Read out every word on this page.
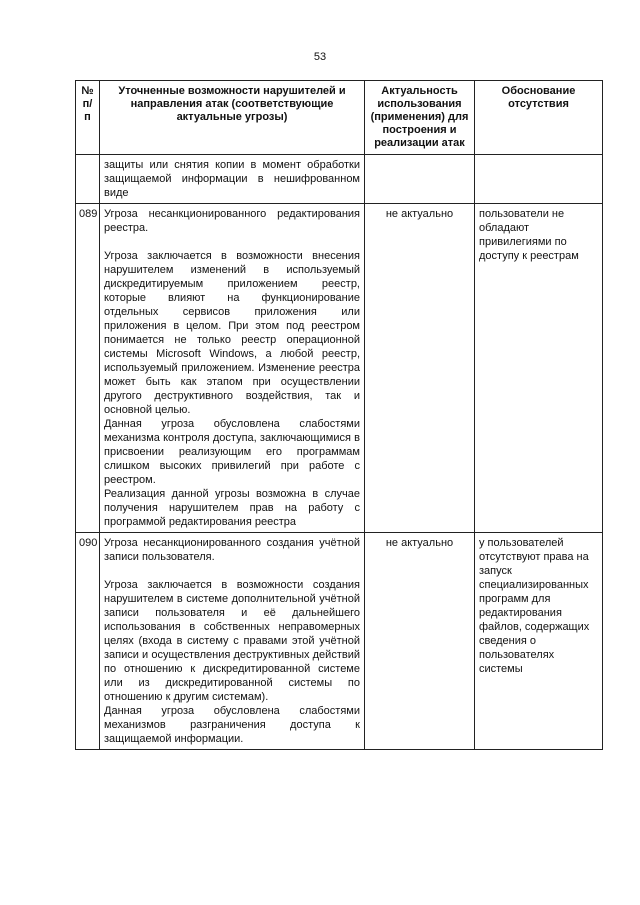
53
№ п/п	Уточненные возможности нарушителей и направления атак (соответствующие актуальные угрозы)	Актуальность использования (применения) для построения и реализации атак	Обоснование отсутствия
	защиты или снятия копии в момент обработки защищаемой информации в нешифрованном виде		
089	Угроза несанкционированного редактирования реестра.

Угроза заключается в возможности внесения нарушителем изменений в используемый дискредитируемым приложением реестр, которые влияют на функционирование отдельных сервисов приложения или приложения в целом. При этом под реестром понимается не только реестр операционной системы Microsoft Windows, а любой реестр, используемый приложением. Изменение реестра может быть как этапом при осуществлении другого деструктивного воздействия, так и основной целью.

Данная угроза обусловлена слабостями механизма контроля доступа, заключающимися в присвоении реализующим его программам слишком высоких привилегий при работе с реестром.

Реализация данной угрозы возможна в случае получения нарушителем прав на работу с программой редактирования реестра	не актуально	пользователи не обладают привилегиями по доступу к реестрам
090	Угроза несанкционированного создания учётной записи пользователя.

Угроза заключается в возможности создания нарушителем в системе дополнительной учётной записи пользователя и её дальнейшего использования в собственных неправомерных целях (входа в систему с правами этой учётной записи и осуществления деструктивных действий по отношению к дискредитированной системе или из дискредитированной системы по отношению к другим системам).

Данная угроза обусловлена слабостями механизмов разграничения доступа к защищаемой информации.	не актуально	у пользователей отсутствуют права на запуск специализированных программ для редактирования файлов, содержащих сведения о пользователях системы
